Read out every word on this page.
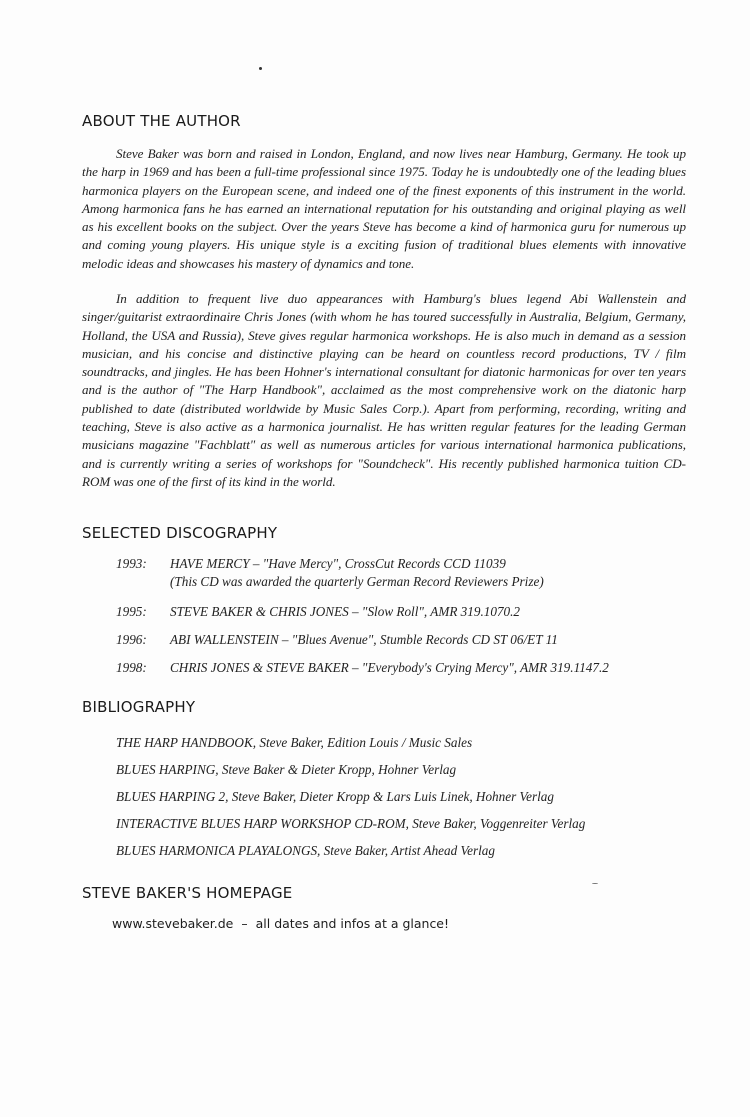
ABOUT THE AUTHOR

Steve Baker was born and raised in London, England, and now lives near Hamburg, Germany. He took up the harp in 1969 and has been a full-time professional since 1975. Today he is undoubtedly one of the leading blues harmonica players on the European scene, and indeed one of the finest exponents of this instrument in the world. Among harmonica fans he has earned an international reputation for his outstanding and original playing as well as his excellent books on the subject. Over the years Steve has become a kind of harmonica guru for numerous up and coming young players. His unique style is a exciting fusion of traditional blues elements with innovative melodic ideas and showcases his mastery of dynamics and tone.

In addition to frequent live duo appearances with Hamburg's blues legend Abi Wallenstein and singer/guitarist extraordinaire Chris Jones (with whom he has toured successfully in Australia, Belgium, Germany, Holland, the USA and Russia), Steve gives regular harmonica workshops. He is also much in demand as a session musician, and his concise and distinctive playing can be heard on countless record productions, TV / film soundtracks, and jingles. He has been Hohner's international consultant for diatonic harmonicas for over ten years and is the author of "The Harp Handbook", acclaimed as the most comprehensive work on the diatonic harp published to date (distributed worldwide by Music Sales Corp.). Apart from performing, recording, writing and teaching, Steve is also active as a harmonica journalist. He has written regular features for the leading German musicians magazine "Fachblatt" as well as numerous articles for various international harmonica publications, and is currently writing a series of workshops for "Soundcheck". His recently published harmonica tuition CD-ROM was one of the first of its kind in the world.

SELECTED DISCOGRAPHY
1993: HAVE MERCY – "Have Mercy", CrossCut Records CCD 11039
(This CD was awarded the quarterly German Record Reviewers Prize)
1995: STEVE BAKER & CHRIS JONES – "Slow Roll", AMR 319.1070.2
1996: ABI WALLENSTEIN – "Blues Avenue", Stumble Records CD ST 06/ET 11
1998: CHRIS JONES & STEVE BAKER – "Everybody's Crying Mercy", AMR 319.1147.2
BIBLIOGRAPHY
THE HARP HANDBOOK, Steve Baker, Edition Louis / Music Sales
BLUES HARPING, Steve Baker & Dieter Kropp, Hohner Verlag
BLUES HARPING 2, Steve Baker, Dieter Kropp & Lars Luis Linek, Hohner Verlag
INTERACTIVE BLUES HARP WORKSHOP CD-ROM, Steve Baker, Voggenreiter Verlag
BLUES HARMONICA PLAYALONGS, Steve Baker, Artist Ahead Verlag
STEVE BAKER'S HOMEPAGE
www.stevebaker.de – all dates and infos at a glance!
